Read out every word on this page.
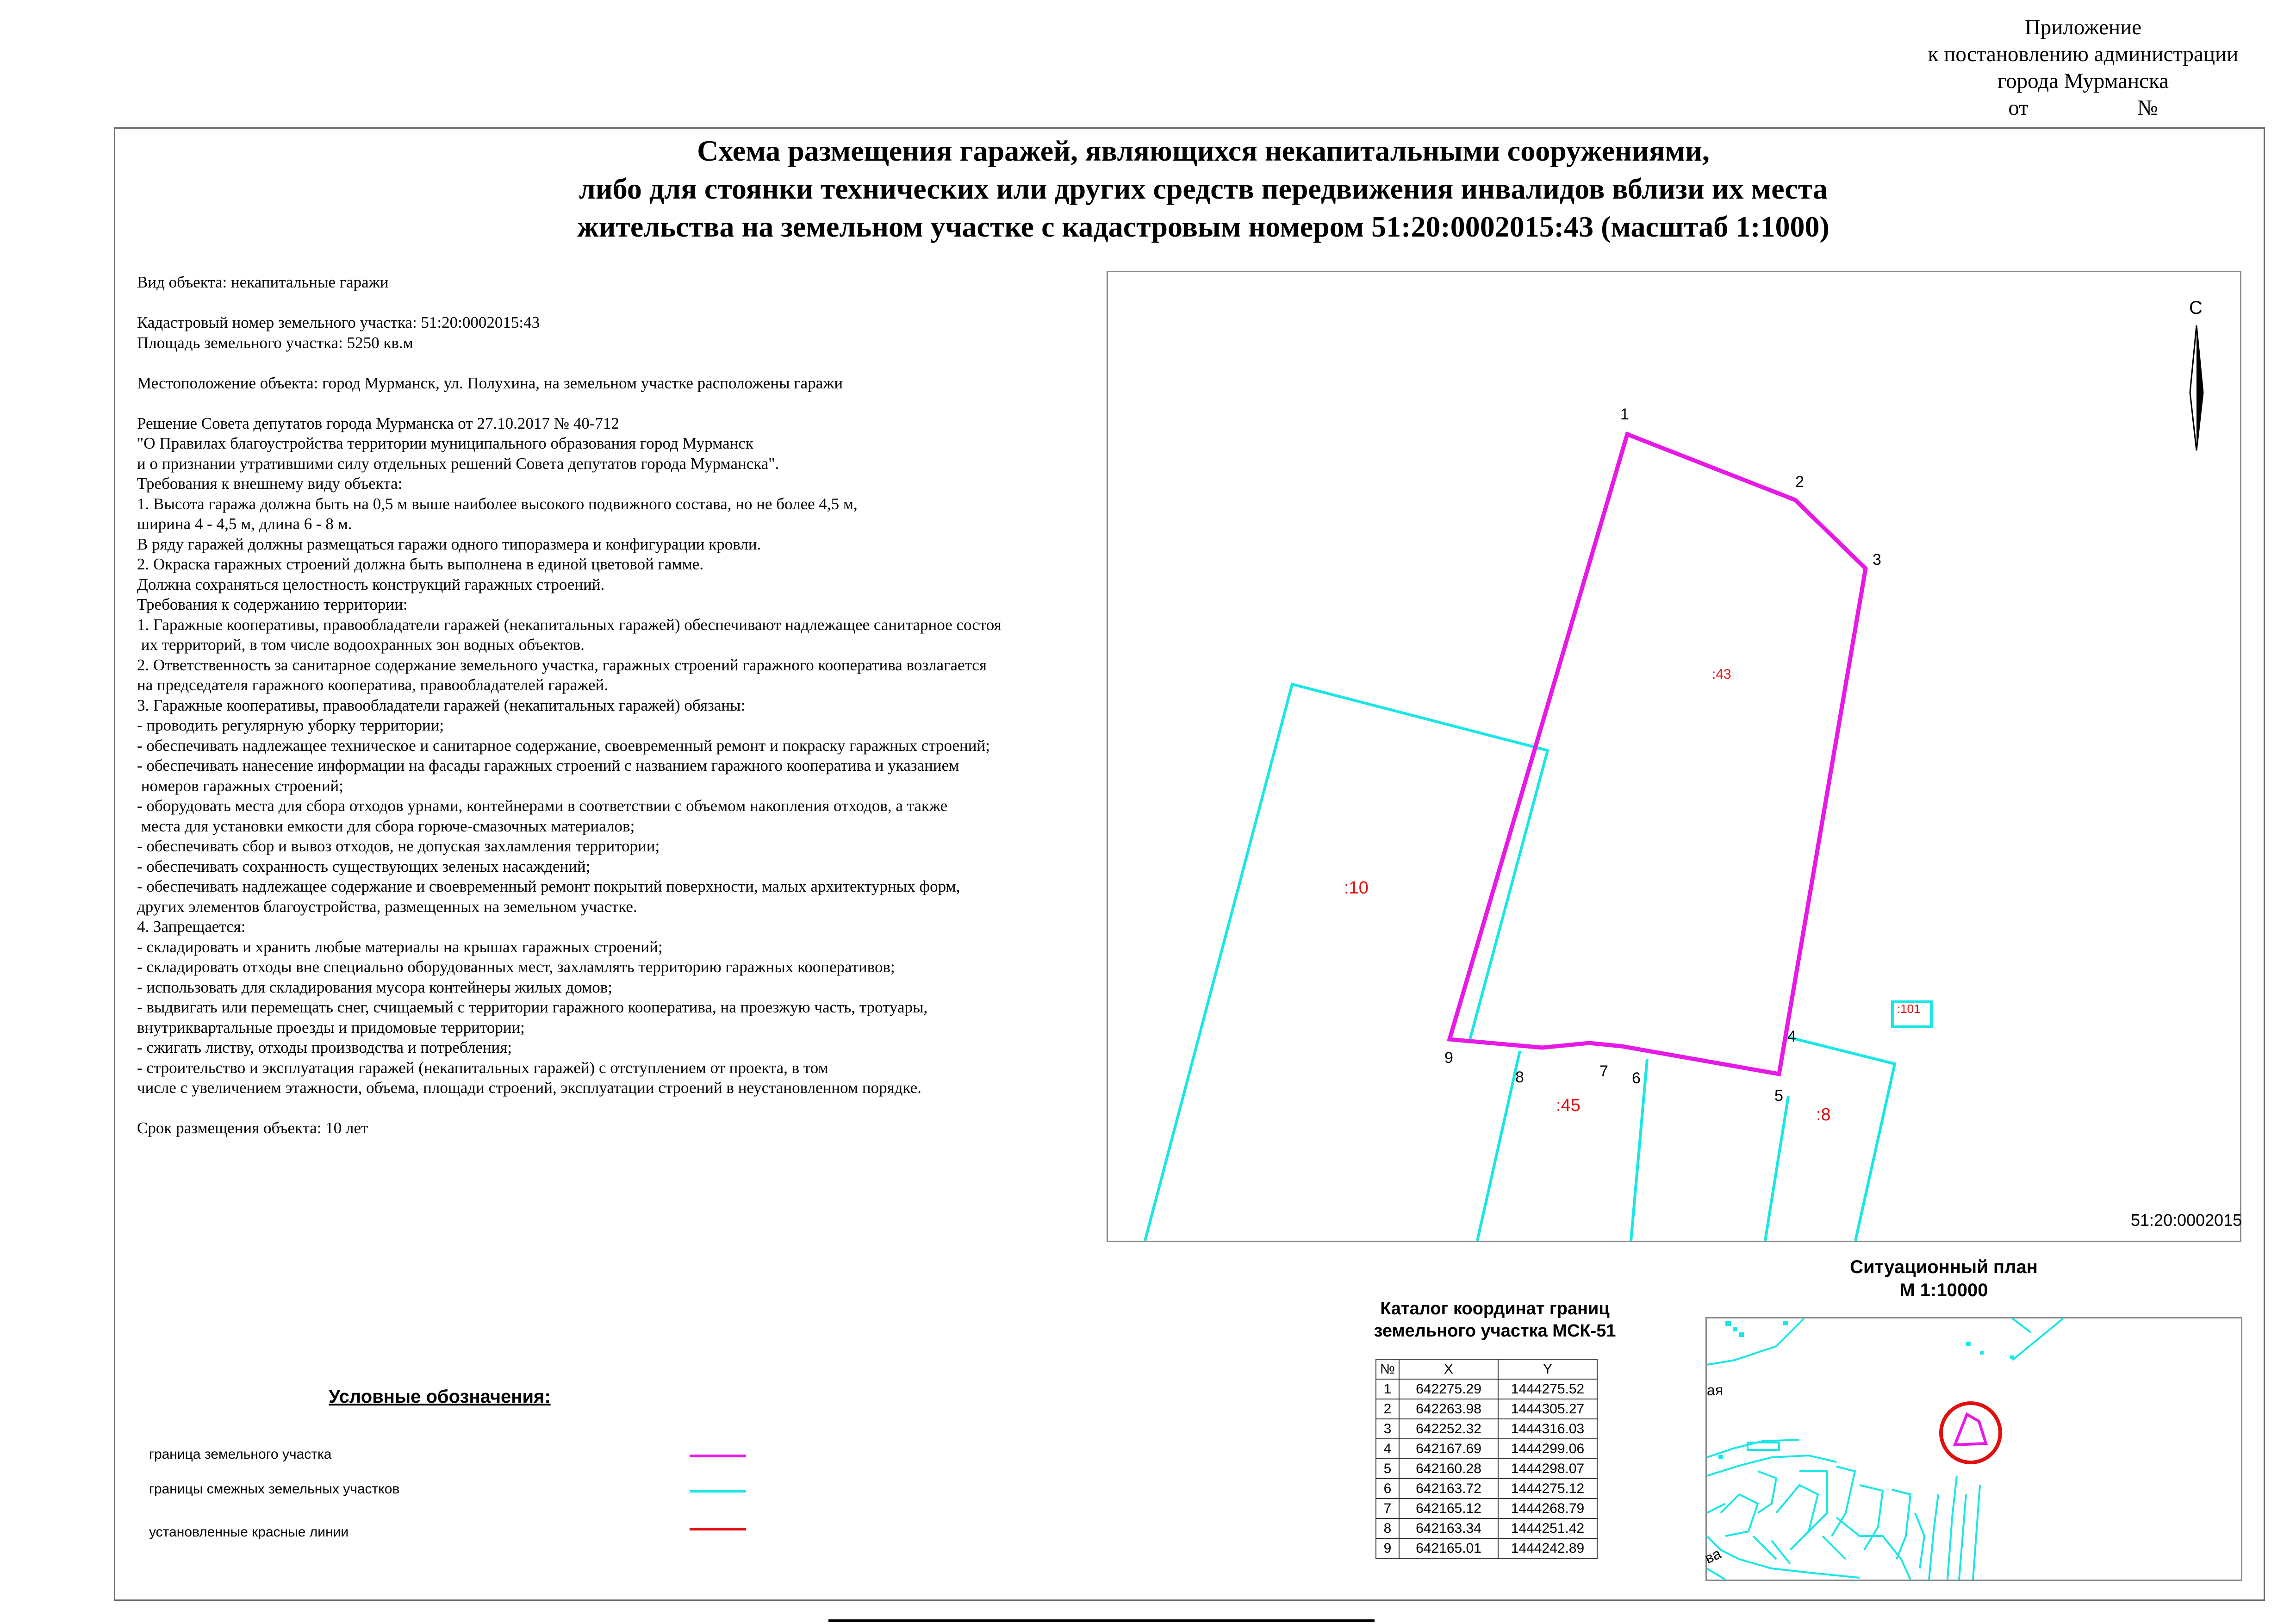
Приложение
к постановлению администрации
города Мурманска
от                    №
Схема размещения гаражей, являющихся некапитальными сооружениями,
либо для стоянки технических или других средств передвижения инвалидов вблизи их места
жительства на земельном участке с кадастровым номером 51:20:0002015:43 (масштаб 1:1000)
Вид объекта: некапитальные гаражи
Кадастровый номер земельного участка: 51:20:0002015:43
Площадь земельного участка: 5250 кв.м
Местоположение объекта: город Мурманск, ул. Полухина, на земельном участке расположены гаражи
Решение Совета депутатов города Мурманска от 27.10.2017 № 40-712
"О Правилах благоустройства территории муниципального образования город Мурманск
и о признании утратившими силу отдельных решений Совета депутатов города Мурманска".
Требования к внешнему виду объекта:
1. Высота гаража должна быть на 0,5 м выше наиболее высокого подвижного состава, но не более 4,5 м,
ширина 4 - 4,5 м, длина 6 - 8 м.
В ряду гаражей должны размещаться гаражи одного типоразмера и конфигурации кровли.
2. Окраска гаражных строений должна быть выполнена в единой цветовой гамме.
Должна сохраняться целостность конструкций гаражных строений.
Требования к содержанию территории:
1. Гаражные кооперативы, правообладатели гаражей (некапитальных гаражей) обеспечивают надлежащее санитарное состоя
их территорий, в том числе водоохранных зон водных объектов.
2. Ответственность за санитарное содержание земельного участка, гаражных строений гаражного кооператива возлагается
на председателя гаражного кооператива, правообладателей гаражей.
3. Гаражные кооперативы, правообладатели гаражей (некапитальных гаражей) обязаны:
- проводить регулярную уборку территории;
- обеспечивать надлежащее техническое и санитарное содержание, своевременный ремонт и покраску гаражных строений;
- обеспечивать нанесение информации на фасады гаражных строений с названием гаражного кооператива и указанием
номеров гаражных строений;
- оборудовать места для сбора отходов урнами, контейнерами в соответствии с объемом накопления отходов, а также
места для установки емкости для сбора горюче-смазочных материалов;
- обеспечивать сбор и вывоз отходов, не допуская захламления территории;
- обеспечивать сохранность существующих зеленых насаждений;
- обеспечивать надлежащее содержание и своевременный ремонт покрытий поверхности, малых архитектурных форм,
других элементов благоустройства, размещенных на земельном участке.
4. Запрещается:
- складировать и хранить любые материалы на крышах гаражных строений;
- складировать отходы вне специально оборудованных мест, захламлять территорию гаражных кооперативов;
- использовать для складирования мусора контейнеры жилых домов;
- выдвигать или перемещать снег, счищаемый с территории гаражного кооператива, на проезжую часть, тротуары,
внутриквартальные проезды и придомовые территории;
- сжигать листву, отходы производства и потребления;
- строительство и эксплуатация гаражей (некапитальных гаражей) с отступлением от проекта, в том
числе с увеличением этажности, объема, площади строений, эксплуатации строений в неустановленном порядке.
Срок размещения объекта: 10 лет
1
2
3
4
5
6
7
8
9
:43
:10
:45	:8
:101
С
51:20:0002015
Ситуационный план
М 1:10000
ая
ва
Каталог координат границ
земельного участка МСК-51
№	X	Y
1	642275.29	1444275.52
2	642263.98	1444305.27
3	642252.32	1444316.03
4	642167.69	1444299.06
5	642160.28	1444298.07
6	642163.72	1444275.12
7	642165.12	1444268.79
8	642163.34	1444251.42
9	642165.01	1444242.89
Условные обозначения:
граница земельного участка
границы смежных земельных участков
установленные красные линии
